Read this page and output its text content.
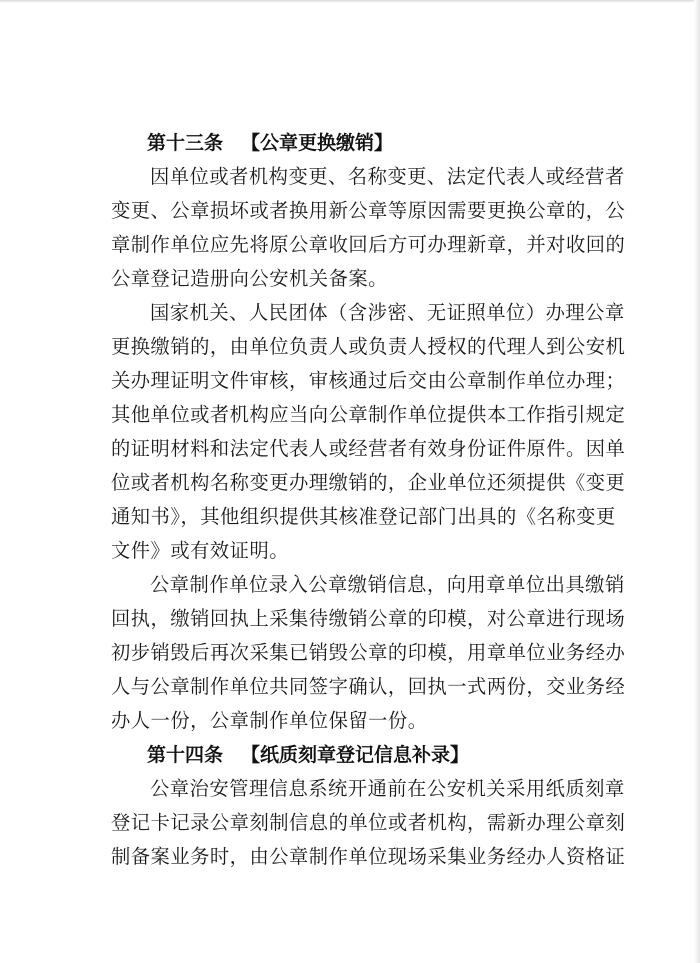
第十三条 【公章更换缴销】
因单位或者机构变更、名称变更、法定代表人或经营者
变更、公章损坏或者换用新公章等原因需要更换公章的，公
章制作单位应先将原公章收回后方可办理新章，并对收回的
公章登记造册向公安机关备案。
国家机关、人民团体（含涉密、无证照单位）办理公章
更换缴销的，由单位负责人或负责人授权的代理人到公安机
关办理证明文件审核，审核通过后交由公章制作单位办理；
其他单位或者机构应当向公章制作单位提供本工作指引规定
的证明材料和法定代表人或经营者有效身份证件原件。因单
位或者机构名称变更办理缴销的，企业单位还须提供《变更
通知书》，其他组织提供其核准登记部门出具的《名称变更
文件》或有效证明。
公章制作单位录入公章缴销信息，向用章单位出具缴销
回执，缴销回执上采集待缴销公章的印模，对公章进行现场
初步销毁后再次采集已销毁公章的印模，用章单位业务经办
人与公章制作单位共同签字确认，回执一式两份，交业务经
办人一份，公章制作单位保留一份。
第十四条 【纸质刻章登记信息补录】
公章治安管理信息系统开通前在公安机关采用纸质刻章
登记卡记录公章刻制信息的单位或者机构，需新办理公章刻
制备案业务时，由公章制作单位现场采集业务经办人资格证
